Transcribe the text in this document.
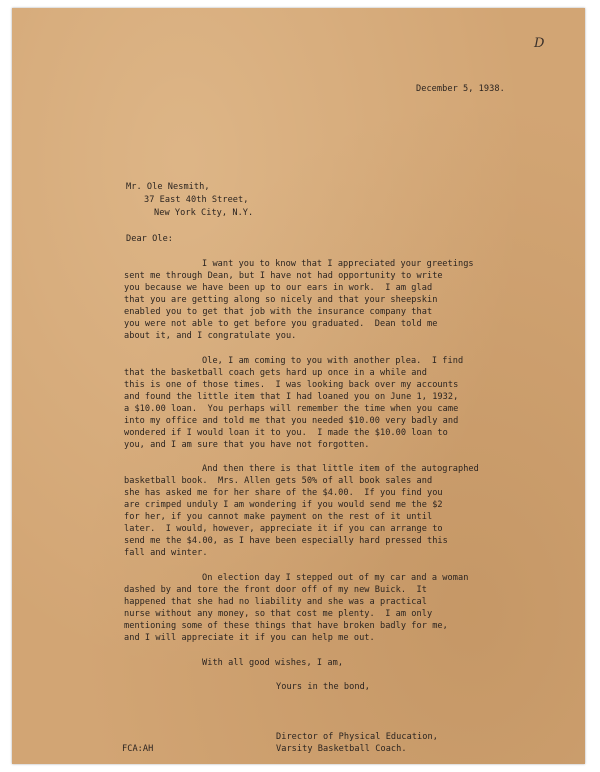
D
December 5, 1938.
Mr. Ole Nesmith,
37 East 40th Street,
New York City, N.Y.
Dear Ole:
I want you to know that I appreciated your greetings
sent me through Dean, but I have not had opportunity to write
you because we have been up to our ears in work.  I am glad
that you are getting along so nicely and that your sheepskin
enabled you to get that job with the insurance company that
you were not able to get before you graduated.  Dean told me
about it, and I congratulate you.
Ole, I am coming to you with another plea.  I find
that the basketball coach gets hard up once in a while and
this is one of those times.  I was looking back over my accounts
and found the little item that I had loaned you on June 1, 1932,
a $10.00 loan.  You perhaps will remember the time when you came
into my office and told me that you needed $10.00 very badly and
wondered if I would loan it to you.  I made the $10.00 loan to
you, and I am sure that you have not forgotten.
And then there is that little item of the autographed
basketball book.  Mrs. Allen gets 50% of all book sales and
she has asked me for her share of the $4.00.  If you find you
are crimped unduly I am wondering if you would send me the $2
for her, if you cannot make payment on the rest of it until
later.  I would, however, appreciate it if you can arrange to
send me the $4.00, as I have been especially hard pressed this
fall and winter.
On election day I stepped out of my car and a woman
dashed by and tore the front door off of my new Buick.  It
happened that she had no liability and she was a practical
nurse without any money, so that cost me plenty.  I am only
mentioning some of these things that have broken badly for me,
and I will appreciate it if you can help me out.
With all good wishes, I am,
Yours in the bond,
Director of Physical Education,
Varsity Basketball Coach.
FCA:AH
